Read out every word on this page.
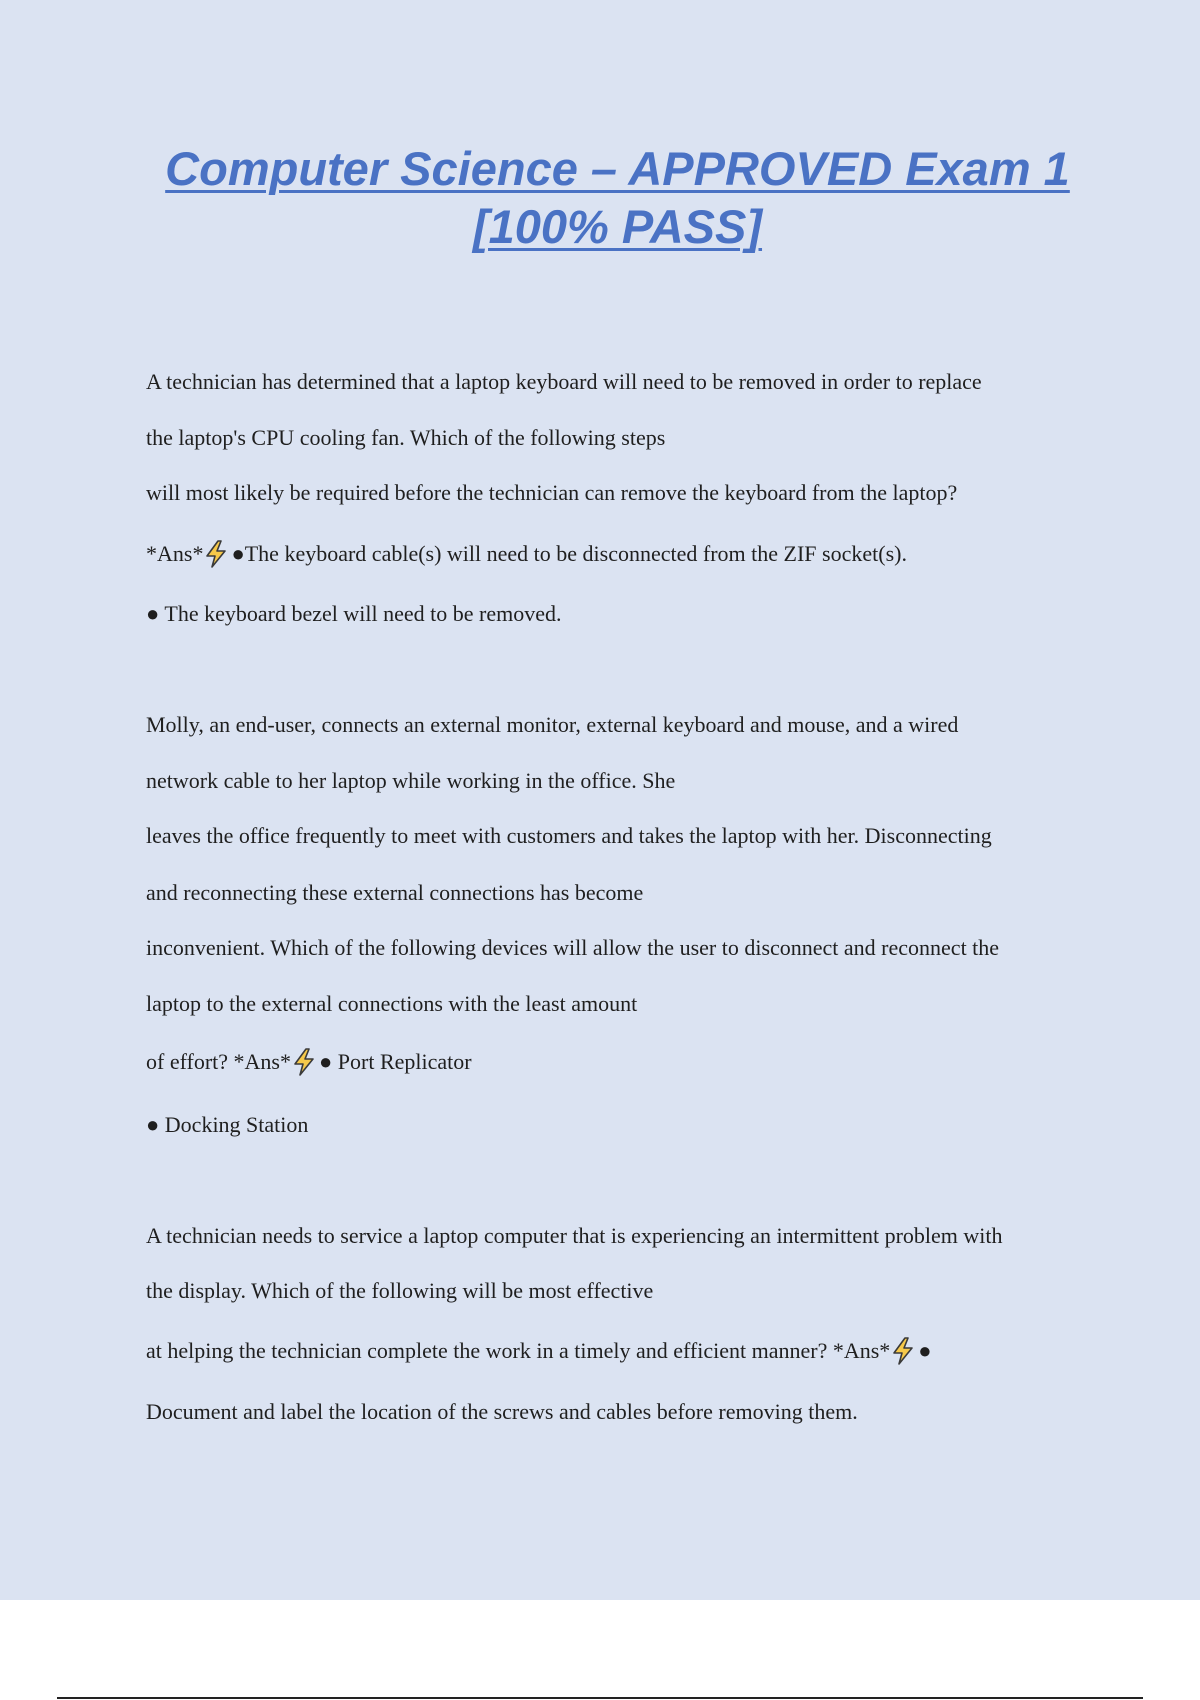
Computer Science – APPROVED Exam 1
[100% PASS]
A technician has determined that a laptop keyboard will need to be removed in order to replace
the laptop's CPU cooling fan. Which of the following steps
will most likely be required before the technician can remove the keyboard from the laptop?
*Ans* ●The keyboard cable(s) will need to be disconnected from the ZIF socket(s).
● The keyboard bezel will need to be removed.
Molly, an end-user, connects an external monitor, external keyboard and mouse, and a wired
network cable to her laptop while working in the office. She
leaves the office frequently to meet with customers and takes the laptop with her. Disconnecting
and reconnecting these external connections has become
inconvenient. Which of the following devices will allow the user to disconnect and reconnect the
laptop to the external connections with the least amount
of effort? *Ans* ● Port Replicator
● Docking Station
A technician needs to service a laptop computer that is experiencing an intermittent problem with
the display. Which of the following will be most effective
at helping the technician complete the work in a timely and efficient manner? *Ans* ●
Document and label the location of the screws and cables before removing them.
